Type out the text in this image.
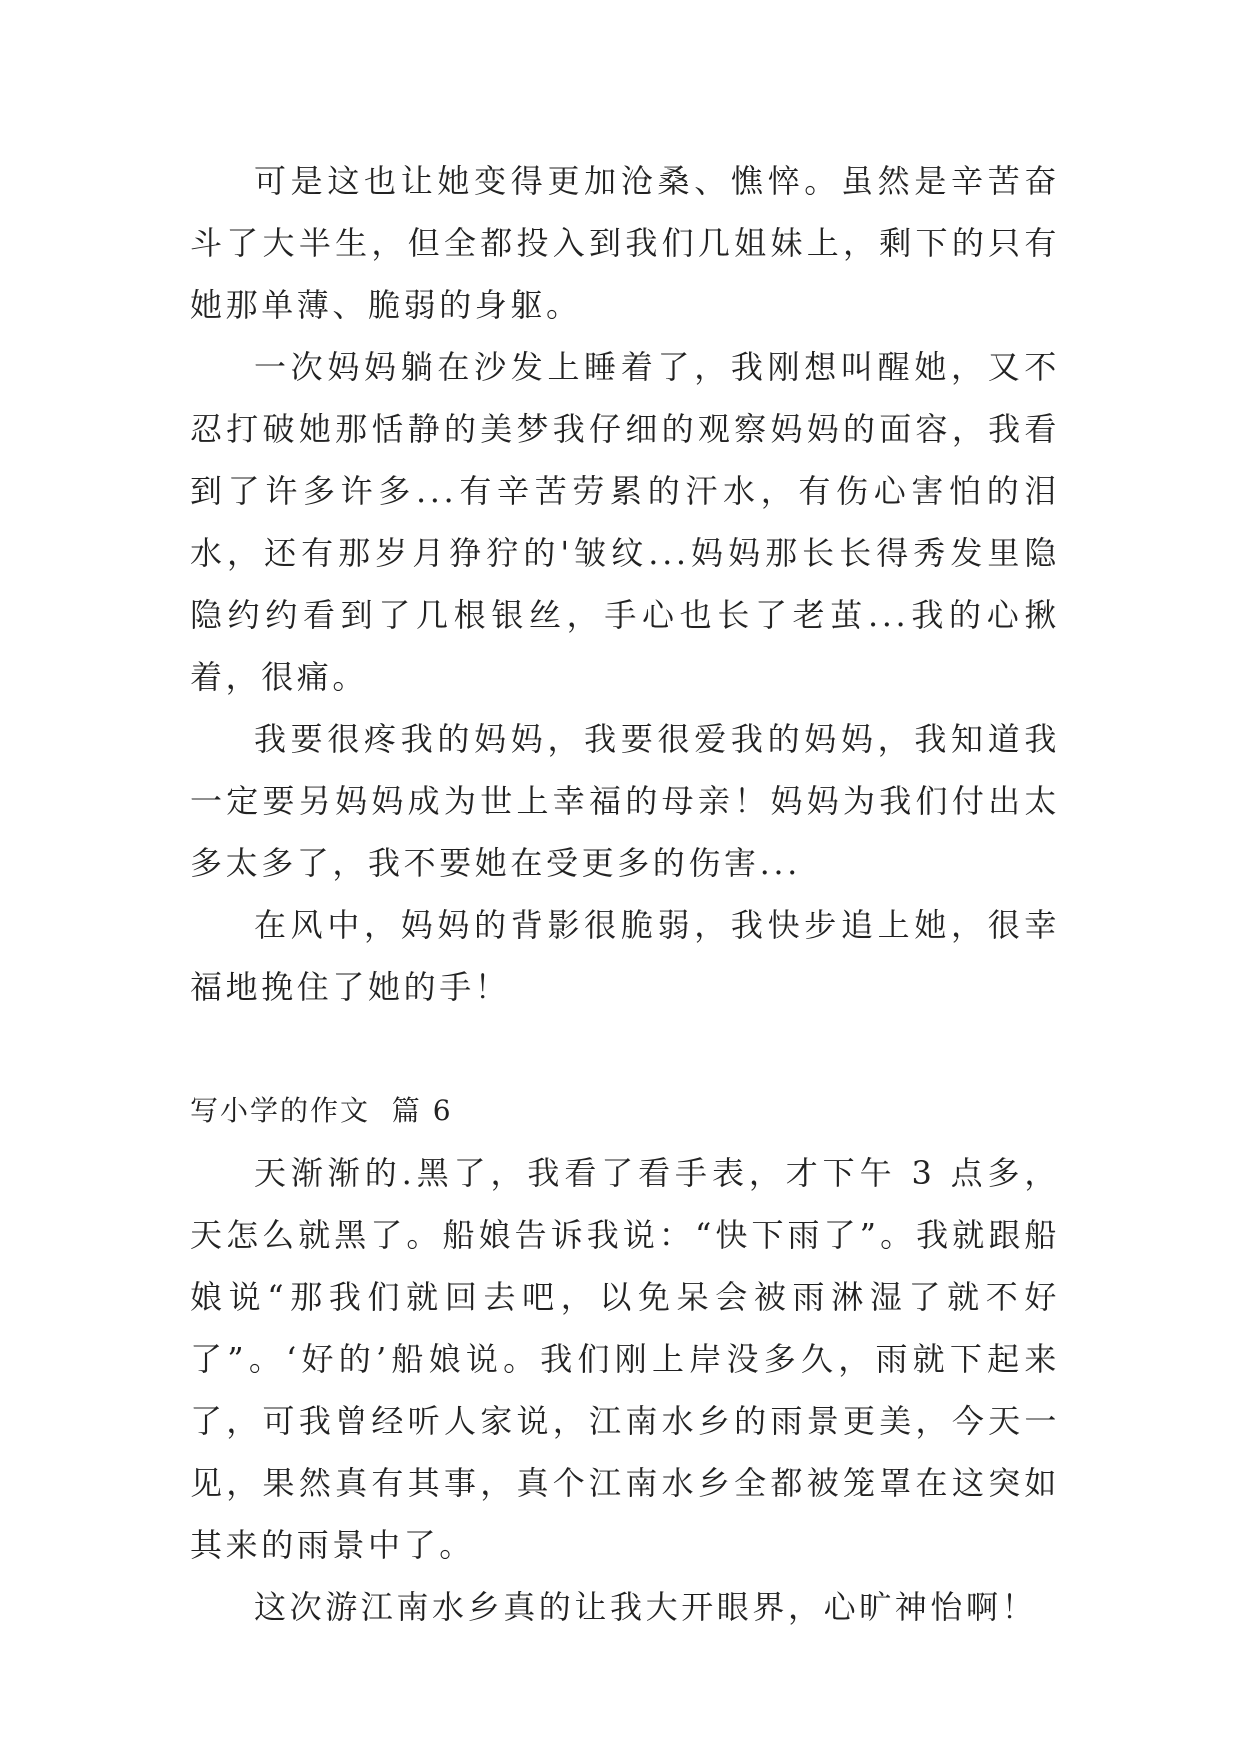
可是这也让她变得更加沧桑、憔悴。虽然是辛苦奋斗了大半生，但全都投入到我们几姐妹上，剩下的只有她那单薄、脆弱的身躯。

一次妈妈躺在沙发上睡着了，我刚想叫醒她，又不忍打破她那恬静的美梦我仔细的观察妈妈的面容，我看到了许多许多...有辛苦劳累的汗水，有伤心害怕的泪水，还有那岁月狰狞的'皱纹...妈妈那长长得秀发里隐隐约约看到了几根银丝，手心也长了老茧...我的心揪着，很痛。

我要很疼我的妈妈，我要很爱我的妈妈，我知道我一定要另妈妈成为世上幸福的母亲！妈妈为我们付出太多太多了，我不要她在受更多的伤害...

在风中，妈妈的背影很脆弱，我快步追上她，很幸福地挽住了她的手！

写小学的作文  篇 6

天渐渐的.黑了，我看了看手表，才下午 3 点多，天怎么就黑了。船娘告诉我说：“快下雨了”。我就跟船娘说“那我们就回去吧，以免呆会被雨淋湿了就不好了”。‘好的’船娘说。我们刚上岸没多久，雨就下起来了，可我曾经听人家说，江南水乡的雨景更美，今天一见，果然真有其事，真个江南水乡全都被笼罩在这突如其来的雨景中了。

这次游江南水乡真的让我大开眼界，心旷神怡啊！
